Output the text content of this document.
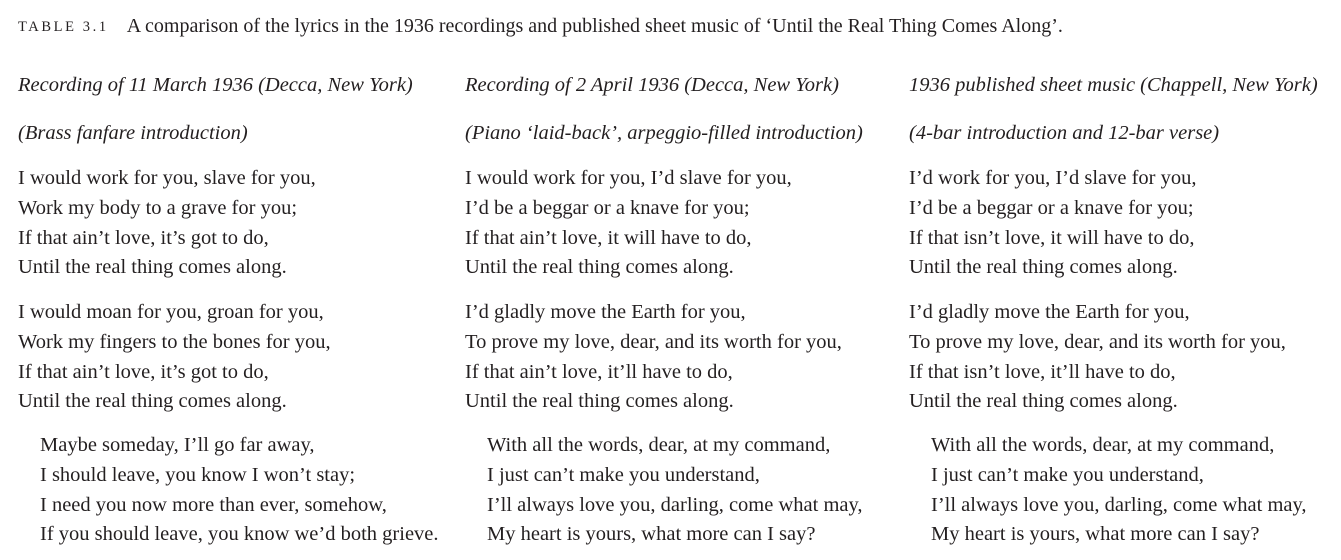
TABLE 3.1 A comparison of the lyrics in the 1936 recordings and published sheet music of ‘Until the Real Thing Comes Along’.
Recording of 11 March 1936 (Decca, New York)
(Brass fanfare introduction)

I would work for you, slave for you,
Work my body to a grave for you;
If that ain’t love, it’s got to do,
Until the real thing comes along.

I would moan for you, groan for you,
Work my fingers to the bones for you,
If that ain’t love, it’s got to do,
Until the real thing comes along.

Maybe someday, I’ll go far away,
I should leave, you know I won’t stay;
I need you now more than ever, somehow,
If you should leave, you know we’d both grieve.

Recording of 2 April 1936 (Decca, New York)
(Piano ‘laid-back’, arpeggio-filled introduction)

I would work for you, I’d slave for you,
I’d be a beggar or a knave for you;
If that ain’t love, it will have to do,
Until the real thing comes along.

I’d gladly move the Earth for you,
To prove my love, dear, and its worth for you,
If that ain’t love, it’ll have to do,
Until the real thing comes along.

With all the words, dear, at my command,
I just can’t make you understand,
I’ll always love you, darling, come what may,
My heart is yours, what more can I say?

1936 published sheet music (Chappell, New York)
(4-bar introduction and 12-bar verse)

I’d work for you, I’d slave for you,
I’d be a beggar or a knave for you;
If that isn’t love, it will have to do,
Until the real thing comes along.

I’d gladly move the Earth for you,
To prove my love, dear, and its worth for you,
If that isn’t love, it’ll have to do,
Until the real thing comes along.

With all the words, dear, at my command,
I just can’t make you understand,
I’ll always love you, darling, come what may,
My heart is yours, what more can I say?
